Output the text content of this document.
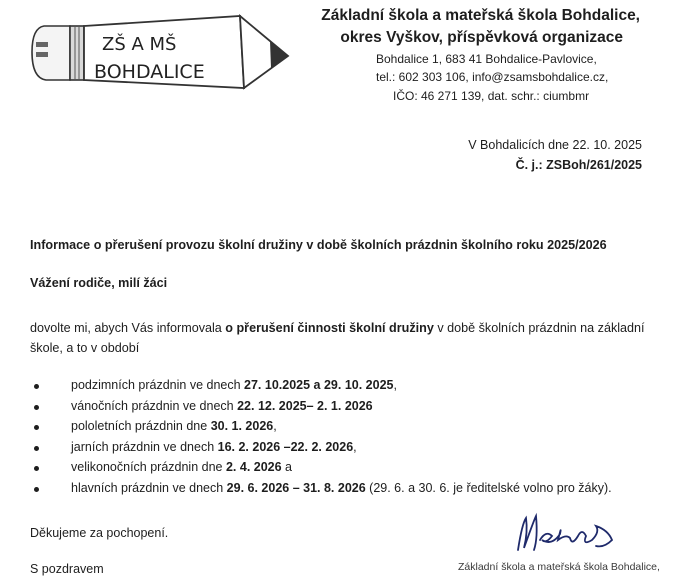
ZŠ A MŠ
BOHDALICE
Základní škola a mateřská škola Bohdalice,
okres Vyškov, příspěvková organizace
Bohdalice 1, 683 41 Bohdalice-Pavlovice,
tel.: 602 303 106, info@zsamsbohdalice.cz,
IČO: 46 271 139, dat. schr.: ciumbmr
V Bohdalicích dne 22. 10. 2025
Č. j.: ZSBoh/261/2025
Informace o přerušení provozu školní družiny v době školních prázdnin školního roku 2025/2026
Vážení rodiče, milí žáci
dovolte mi, abych Vás informovala o přerušení činnosti školní družiny v době školních prázdnin na základní škole, a to v období
podzimních prázdnin ve dnech 27. 10.2025 a 29. 10. 2025,
vánočních prázdnin ve dnech 22. 12. 2025– 2. 1. 2026
pololetních prázdnin dne 30. 1. 2026,
jarních prázdnin ve dnech 16. 2. 2026 –22. 2. 2026,
velikonočních prázdnin dne 2. 4. 2026 a
hlavních prázdnin ve dnech 29. 6. 2026 – 31. 8. 2026 (29. 6. a 30. 6. je ředitelské volno pro žáky).
Děkujeme za pochopení.
S pozdravem	Základní škola a mateřská škola Bohdalice,
